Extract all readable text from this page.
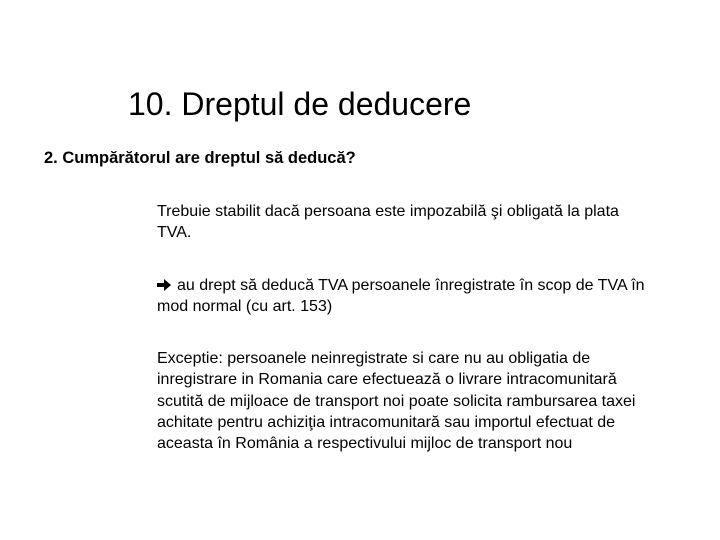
10. Dreptul de deducere
2. Cumpărătorul are dreptul să deducă?

Trebuie stabilit dacă persoana este impozabilă şi obligată la plata TVA.

au drept să deducă TVA persoanele înregistrate în scop de TVA în mod normal (cu art. 153)

Exceptie: persoanele neinregistrate si care nu au obligatia de inregistrare in Romania care efectuează o livrare intracomunitară scutită de mijloace de transport noi poate solicita rambursarea taxei achitate pentru achiziţia intracomunitară sau importul efectuat de aceasta în România a respectivului mijloc de transport nou
